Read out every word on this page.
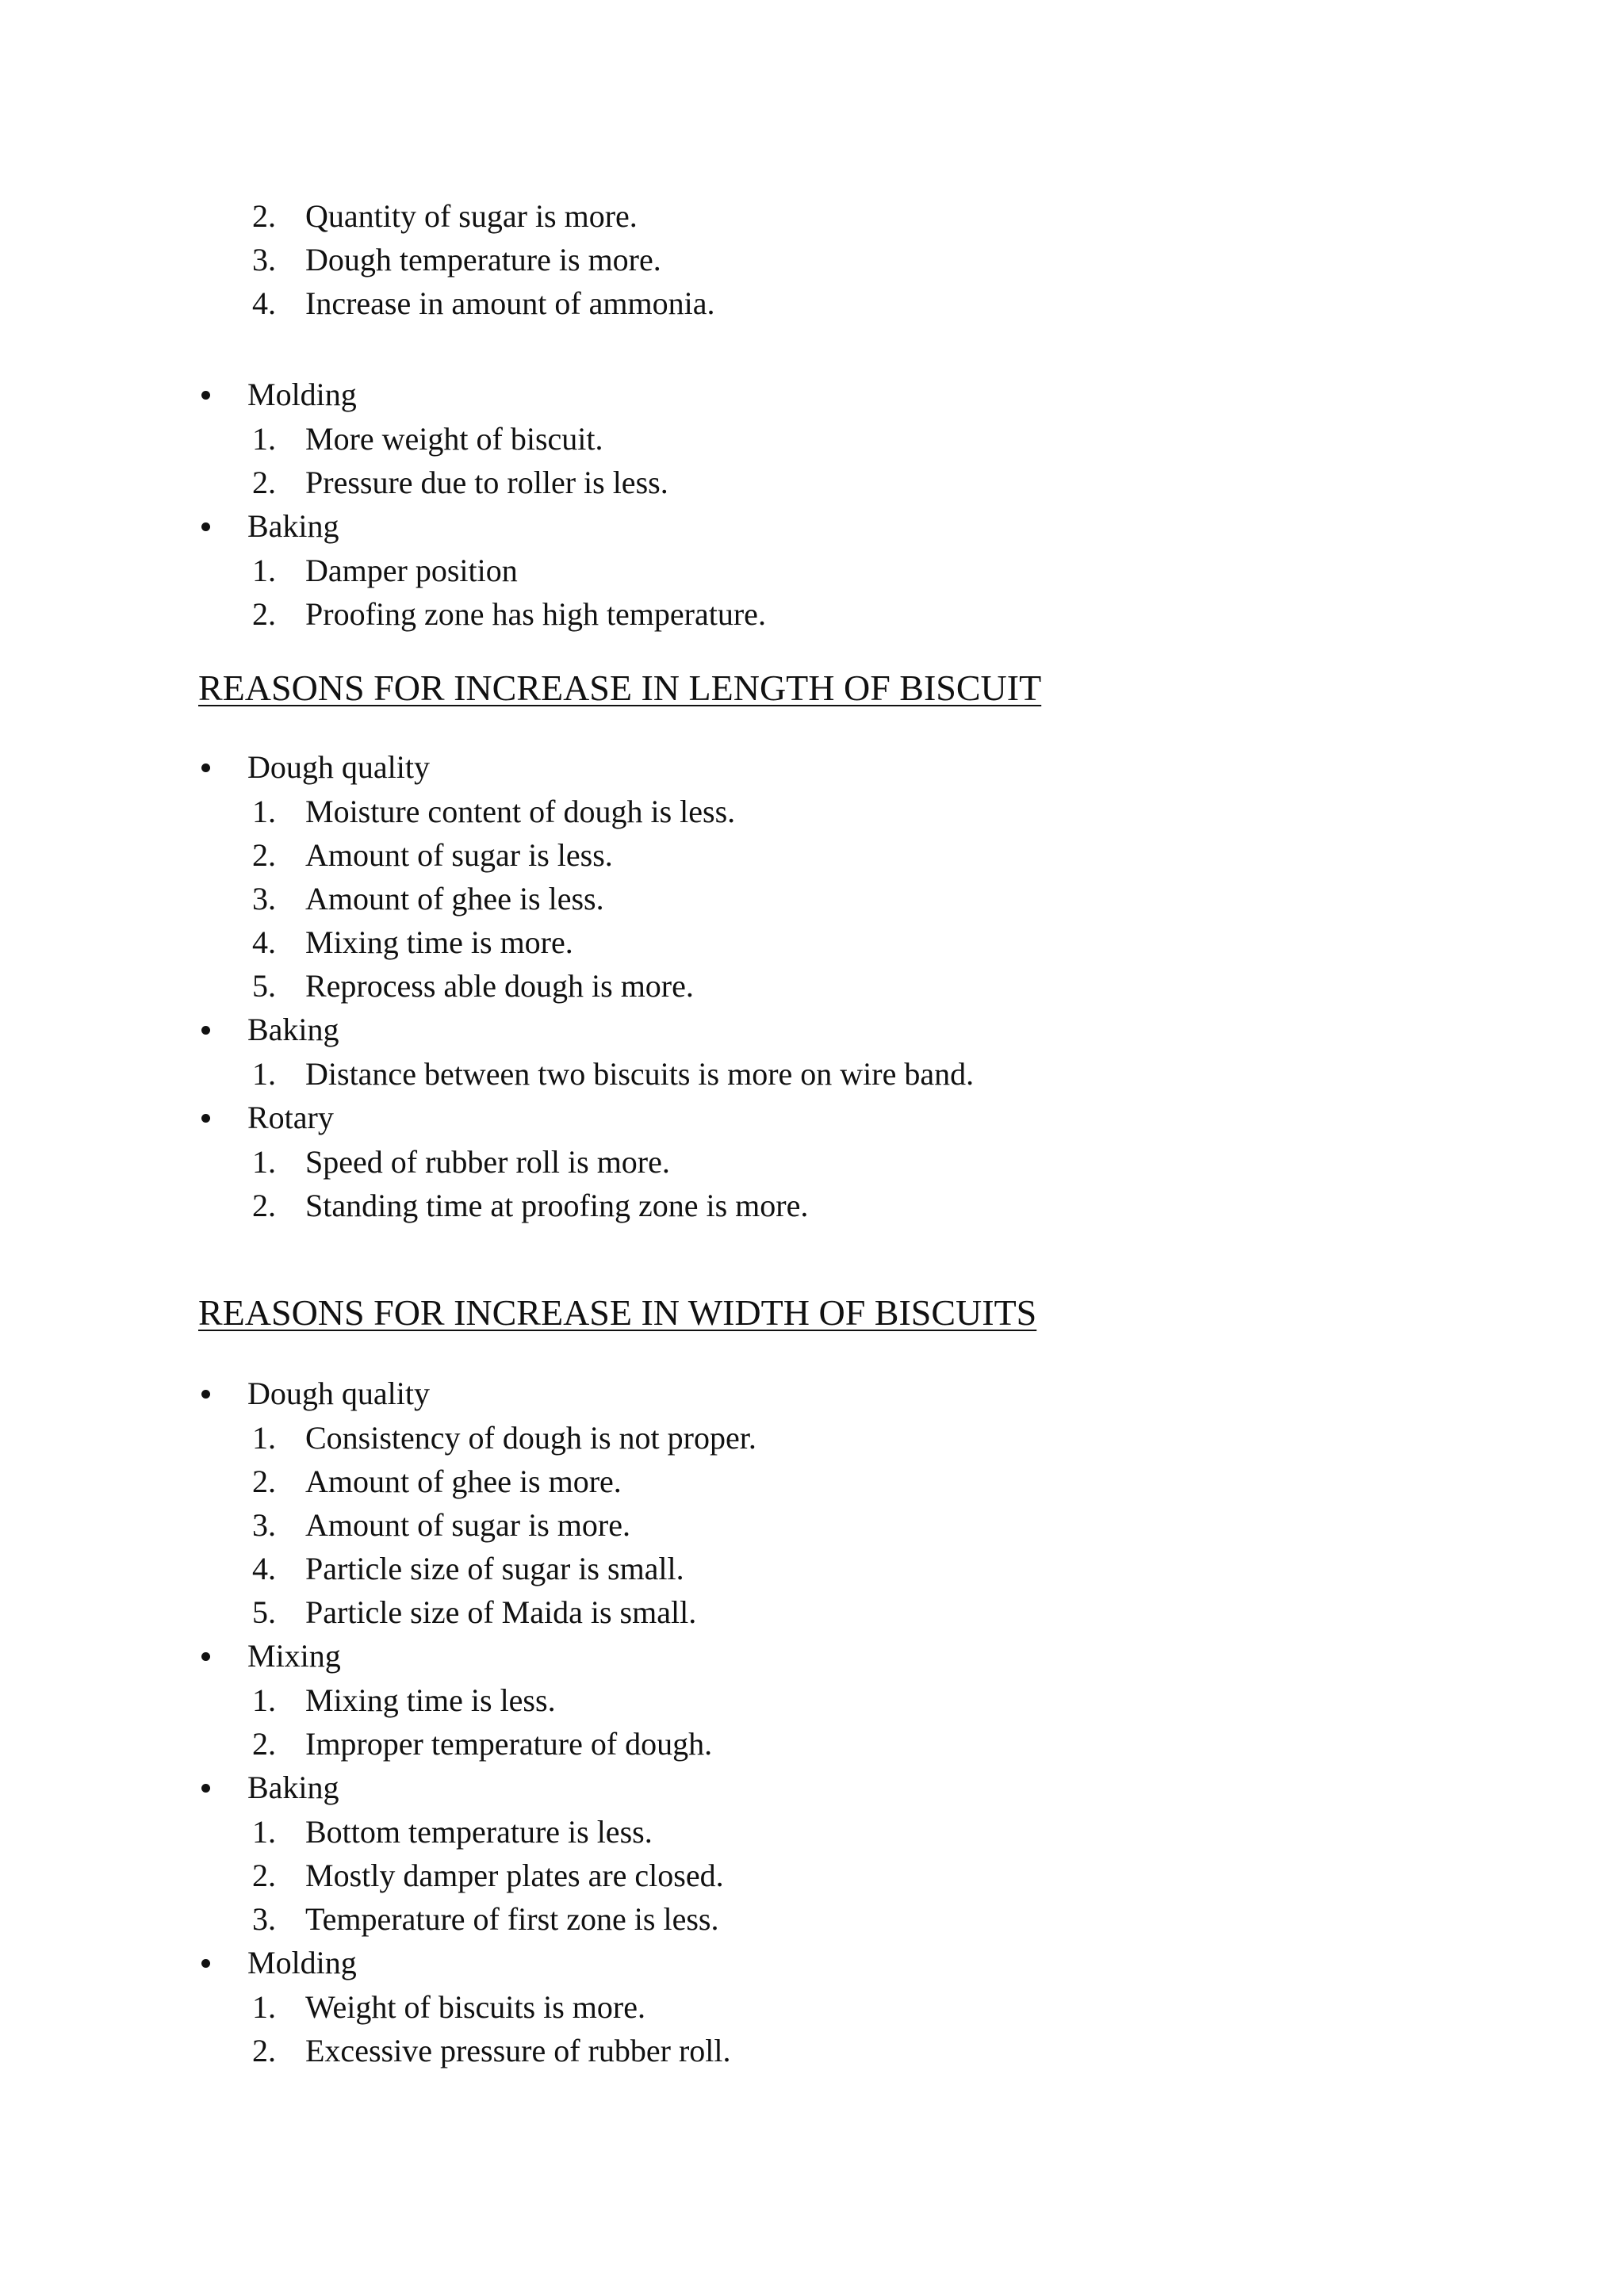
2. Quantity of sugar is more.
3. Dough temperature is more.
4. Increase in amount of ammonia.
Molding
1. More weight of biscuit.
2. Pressure due to roller is less.
Baking
1. Damper position
2. Proofing zone has high temperature.
REASONS FOR INCREASE IN LENGTH OF BISCUIT
Dough quality
1. Moisture content of dough is less.
2. Amount of sugar is less.
3. Amount of ghee is less.
4. Mixing time is more.
5. Reprocess able dough is more.
Baking
1. Distance between two biscuits is more on wire band.
Rotary
1. Speed of rubber roll is more.
2. Standing time at proofing zone is more.
REASONS FOR INCREASE IN WIDTH OF BISCUITS
Dough quality
1. Consistency of dough is not proper.
2. Amount of ghee is more.
3. Amount of sugar is more.
4. Particle size of sugar is small.
5. Particle size of Maida is small.
Mixing
1. Mixing time is less.
2. Improper temperature of dough.
Baking
1. Bottom temperature is less.
2. Mostly damper plates are closed.
3. Temperature of first zone is less.
Molding
1. Weight of biscuits is more.
2. Excessive pressure of rubber roll.
